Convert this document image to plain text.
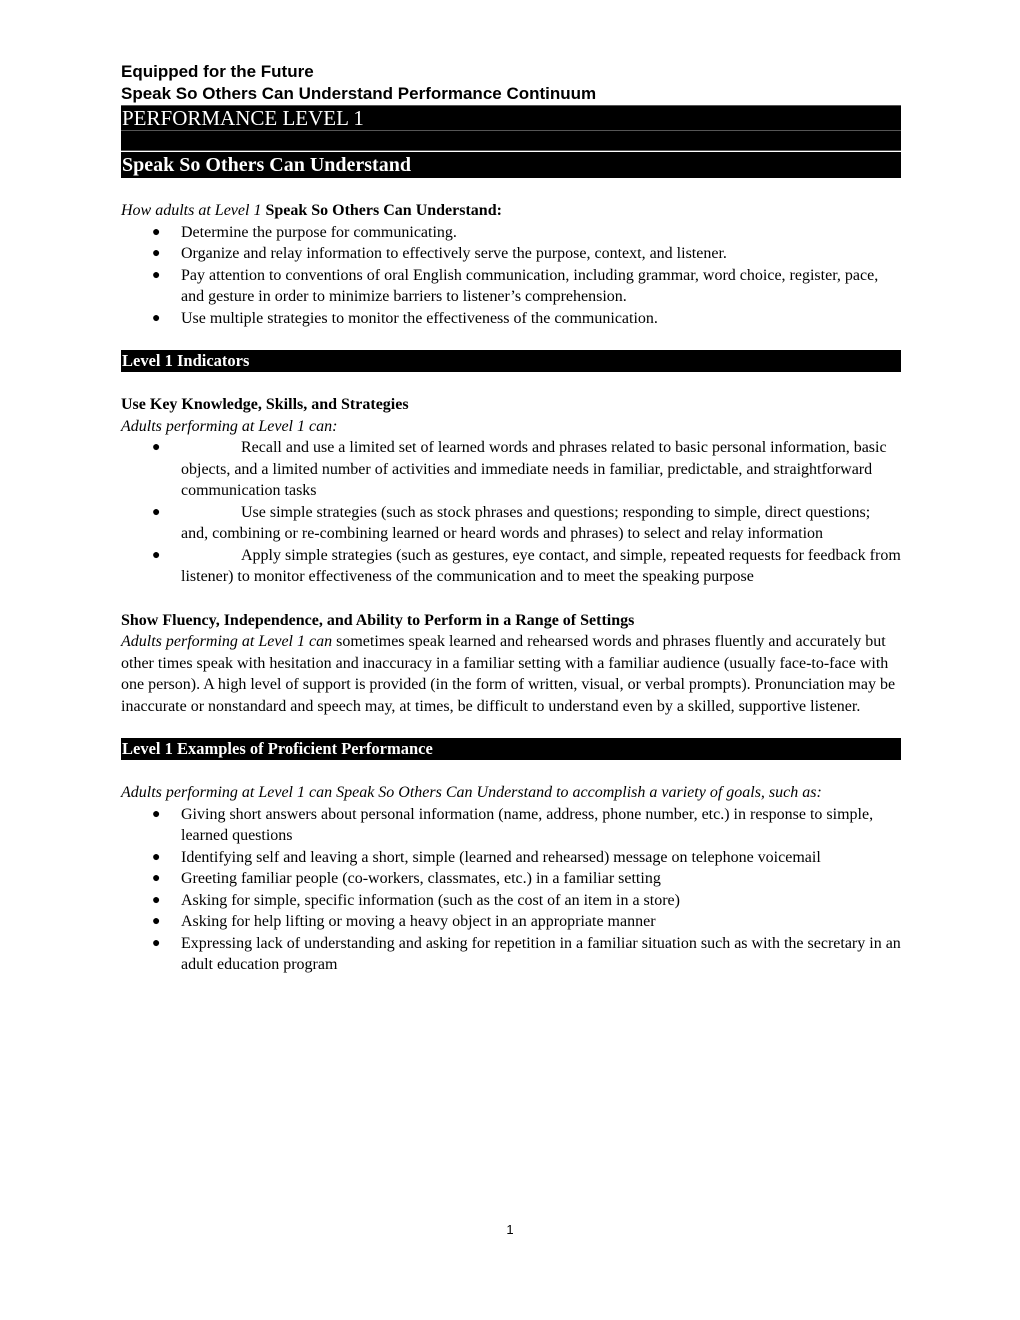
Equipped for the Future
Speak So Others Can Understand Performance Continuum
PERFORMANCE LEVEL 1
Speak So Others Can Understand
How adults at Level 1 Speak So Others Can Understand:
● Determine the purpose for communicating.
● Organize and relay information to effectively serve the purpose, context, and listener.
● Pay attention to conventions of oral English communication, including grammar, word choice, register, pace, and gesture in order to minimize barriers to listener’s comprehension.
● Use multiple strategies to monitor the effectiveness of the communication.
Level 1 Indicators
Use Key Knowledge, Skills, and Strategies
Adults performing at Level 1 can:
●	Recall and use a limited set of learned words and phrases related to basic personal information, basic objects, and a limited number of activities and immediate needs in familiar, predictable, and straightforward communication tasks
●	Use simple strategies (such as stock phrases and questions; responding to simple, direct questions; and, combining or re-combining learned or heard words and phrases) to select and relay information
●	Apply simple strategies (such as gestures, eye contact, and simple, repeated requests for feedback from listener) to monitor effectiveness of the communication and to meet the speaking purpose
Show Fluency, Independence, and Ability to Perform in a Range of Settings
Adults performing at Level 1 can sometimes speak learned and rehearsed words and phrases fluently and accurately but other times speak with hesitation and inaccuracy in a familiar setting with a familiar audience (usually face-to-face with one person). A high level of support is provided (in the form of written, visual, or verbal prompts). Pronunciation may be inaccurate or nonstandard and speech may, at times, be difficult to understand even by a skilled, supportive listener.
Level 1 Examples of Proficient Performance
Adults performing at Level 1 can Speak So Others Can Understand to accomplish a variety of goals, such as:
● Giving short answers about personal information (name, address, phone number, etc.) in response to simple, learned questions
● Identifying self and leaving a short, simple (learned and rehearsed) message on telephone voicemail
● Greeting familiar people (co-workers, classmates, etc.) in a familiar setting
● Asking for simple, specific information (such as the cost of an item in a store)
● Asking for help lifting or moving a heavy object in an appropriate manner
● Expressing lack of understanding and asking for repetition in a familiar situation such as with the secretary in an adult education program
1
